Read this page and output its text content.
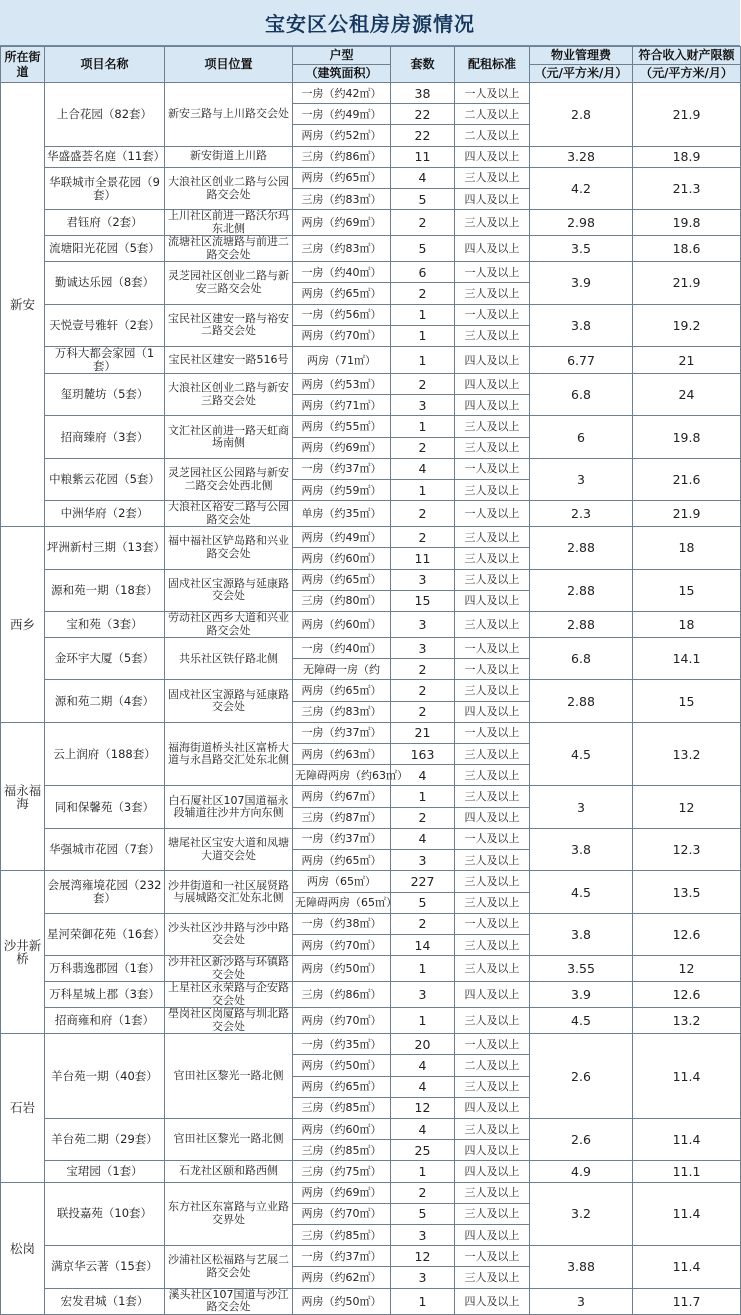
宝安区公租房房源情况
所在街道	项目名称	项目位置	户型	套数	配租标准	物业管理费	符合收入财产限额
			（建筑面积）			（元/平方米/月）	（元/平方米/月）
新安	上合花园（82套）	新安三路与上川路交会处	一房（约42㎡）	38	一人及以上	2.8	21.9
			一房（约49㎡）	22	二人及以上		
			两房（约52㎡）	22	二人及以上		
	华盛盛荟名庭（11套）	新安街道上川路	三房（约86㎡）	11	四人及以上	3.28	18.9
	华联城市全景花园（9套）	大浪社区创业二路与公园路交会处	两房（约65㎡）	4	三人及以上	4.2	21.3
			三房（约83㎡）	5	四人及以上		
	君钰府（2套）	上川社区前进一路沃尔玛东北侧	两房（约69㎡）	2	三人及以上	2.98	19.8
	流塘阳光花园（5套）	流塘社区流塘路与前进二路交会处	三房（约83㎡）	5	四人及以上	3.5	18.6
	勤诚达乐园（8套）	灵芝园社区创业二路与新安三路交会处	一房（约40㎡）	6	一人及以上	3.9	21.9
			两房（约65㎡）	2	三人及以上		
	天悦壹号雅轩（2套）	宝民社区建安一路与裕安二路交会处	一房（约56㎡）	1	一人及以上	3.8	19.2
			两房（约70㎡）	1	三人及以上		
	万科大都会家园（1套）	宝民社区建安一路516号	两房（71㎡）	1	四人及以上	6.77	21
	玺玥麓坊（5套）	大浪社区创业二路与新安三路交会处	两房（约53㎡）	2	四人及以上	6.8	24
			两房（约71㎡）	3	四人及以上		
	招商臻府（3套）	文汇社区前进一路天虹商场南侧	两房（约55㎡）	1	三人及以上	6	19.8
			两房（约69㎡）	2	三人及以上		
	中粮紫云花园（5套）	灵芝园社区公园路与新安二路交会处西北侧	一房（约37㎡）	4	一人及以上	3	21.6
			两房（约59㎡）	1	三人及以上		
	中洲华府（2套）	大浪社区裕安二路与公园路交会处	单房（约35㎡）	2	一人及以上	2.3	21.9
西乡	坪洲新村三期（13套）	福中福社区铲岛路和兴业路交会处	两房（约49㎡）	2	三人及以上	2.88	18
			两房（约60㎡）	11	三人及以上		
	源和苑一期（18套）	固戍社区宝源路与延康路交会处	两房（约65㎡）	3	三人及以上	2.88	15
			三房（约80㎡）	15	四人及以上		
	宝和苑（3套）	劳动社区西乡大道和兴业路交会处	两房（约60㎡）	3	三人及以上	2.88	18
	金环宇大厦（5套）	共乐社区铁仔路北侧	一房（约40㎡）	3	一人及以上	6.8	14.1
			无障碍一房（约	2	一人及以上		
	源和苑二期（4套）	固戍社区宝源路与延康路交会处	两房（约65㎡）	2	三人及以上	2.88	15
			三房（约83㎡）	2	四人及以上		
福永福海	云上润府（188套）	福海街道桥头社区富桥大道与永昌路交汇处东北侧	一房（约37㎡）	21	一人及以上	4.5	13.2
			两房（约63㎡）	163	三人及以上		
			无障碍两房（约63㎡）	4	三人及以上		
	同和保馨苑（3套）	白石厦社区107国道福永段辅道往沙井方向东侧	两房（约67㎡）	1	三人及以上	3	12
			三房（约87㎡）	2	四人及以上		
	华强城市花园（7套）	塘尾社区宝安大道和凤塘大道交会处	一房（约37㎡）	4	一人及以上	3.8	12.3
			两房（约65㎡）	3	三人及以上		
沙井新桥	会展湾雍境花园（232套）	沙井街道和一社区展贤路与展城路交汇处东北侧	两房（65㎡）	227	三人及以上	4.5	13.5
			无障碍两房（65㎡）	5	三人及以上		
	星河荣御花苑（16套）	沙头社区沙井路与沙中路交会处	一房（约38㎡）	2	一人及以上	3.8	12.6
			两房（约70㎡）	14	三人及以上		
	万科翡逸郡园（1套）	沙井社区新沙路与环镇路交会处	两房（约50㎡）	1	三人及以上	3.55	12
	万科星城上郡（3套）	上星社区永荣路与企安路交会处	三房（约86㎡）	3	四人及以上	3.9	12.6
	招商雍和府（1套）	壆岗社区岗厦路与圳北路交会处	两房（约70㎡）	1	三人及以上	4.5	13.2
石岩	羊台苑一期（40套）	官田社区黎光一路北侧	一房（约35㎡）	20	一人及以上	2.6	11.4
			两房（约50㎡）	4	二人及以上		
			两房（约65㎡）	4	三人及以上		
			三房（约85㎡）	12	四人及以上		
	羊台苑二期（29套）	官田社区黎光一路北侧	两房（约60㎡）	4	三人及以上	2.6	11.4
			三房（约85㎡）	25	四人及以上		
	宝珺园（1套）	石龙社区颐和路西侧	三房（约75㎡）	1	四人及以上	4.9	11.1
松岗	联投嘉苑（10套）	东方社区东富路与立业路交界处	两房（约69㎡）	2	三人及以上	3.2	11.4
			两房（约70㎡）	5	三人及以上		
			三房（约85㎡）	3	四人及以上		
	满京华云著（15套）	沙浦社区松福路与艺展二路交会处	一房（约37㎡）	12	一人及以上	3.88	11.4
			两房（约62㎡）	3	三人及以上		
	宏发君城（1套）	溪头社区107国道与沙江路交会处	两房（约50㎡）	1	四人及以上	3	11.7
